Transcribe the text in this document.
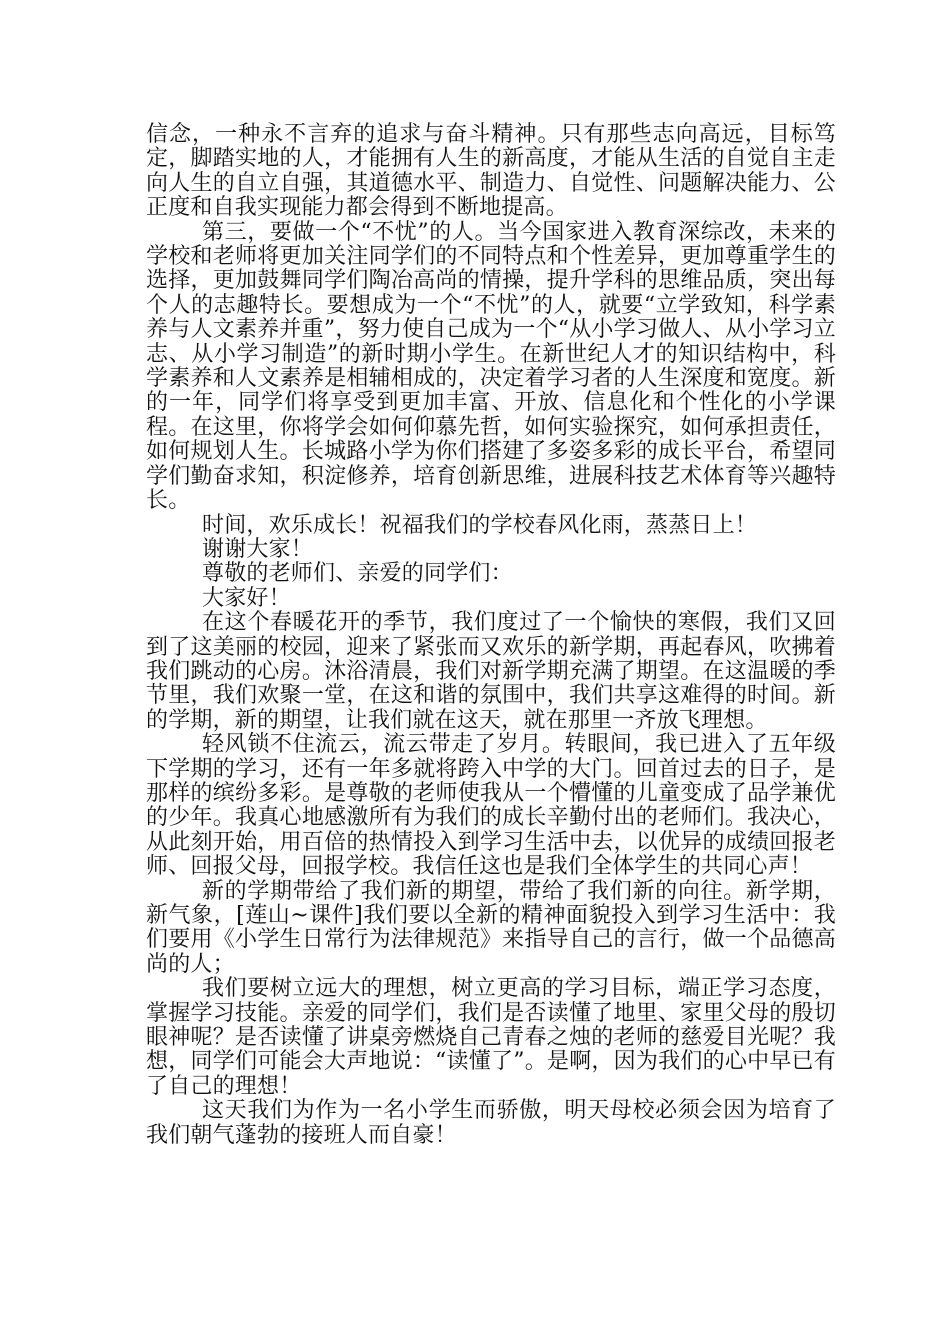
信念，一种永不言弃的追求与奋斗精神。只有那些志向高远，目标笃定，脚踏实地的人，才能拥有人生的新高度，才能从生活的自觉自主走向人生的自立自强，其道德水平、制造力、自觉性、问题解决能力、公正度和自我实现能力都会得到不断地提高。

第三，要做一个“不忧”的人。当今国家进入教育深综改，未来的学校和老师将更加关注同学们的不同特点和个性差异，更加尊重学生的选择，更加鼓舞同学们陶冶高尚的情操，提升学科的思维品质，突出每个人的志趣特长。要想成为一个“不忧”的人，就要“立学致知，科学素养与人文素养并重”，努力使自己成为一个“从小学习做人、从小学习立志、从小学习制造”的新时期小学生。在新世纪人才的知识结构中，科学素养和人文素养是相辅相成的，决定着学习者的人生深度和宽度。新的一年，同学们将享受到更加丰富、开放、信息化和个性化的小学课程。在这里，你将学会如何仰慕先哲，如何实验探究，如何承担责任，如何规划人生。长城路小学为你们搭建了多姿多彩的成长平台，希望同学们勤奋求知，积淀修养，培育创新思维，进展科技艺术体育等兴趣特长。

时间，欢乐成长！祝福我们的学校春风化雨，蒸蒸日上！

谢谢大家！

尊敬的老师们、亲爱的同学们：

大家好！

在这个春暖花开的季节，我们度过了一个愉快的寒假，我们又回到了这美丽的校园，迎来了紧张而又欢乐的新学期，再起春风，吹拂着我们跳动的心房。沐浴清晨，我们对新学期充满了期望。在这温暖的季节里，我们欢聚一堂，在这和谐的氛围中，我们共享这难得的时间。新的学期，新的期望，让我们就在这天，就在那里一齐放飞理想。

轻风锁不住流云，流云带走了岁月。转眼间，我已进入了五年级下学期的学习，还有一年多就将跨入中学的大门。回首过去的日子，是那样的缤纷多彩。是尊敬的老师使我从一个懵懂的儿童变成了品学兼优的少年。我真心地感激所有为我们的成长辛勤付出的老师们。我决心，从此刻开始，用百倍的热情投入到学习生活中去，以优异的成绩回报老师、回报父母，回报学校。我信任这也是我们全体学生的共同心声！

新的学期带给了我们新的期望，带给了我们新的向往。新学期，新气象，[莲山~课件]我们要以全新的精神面貌投入到学习生活中：我们要用《小学生日常行为法律规范》来指导自己的言行，做一个品德高尚的人；

我们要树立远大的理想，树立更高的学习目标，端正学习态度，掌握学习技能。亲爱的同学们，我们是否读懂了地里、家里父母的殷切眼神呢？是否读懂了讲桌旁燃烧自己青春之烛的老师的慈爱目光呢？我想，同学们可能会大声地说：“读懂了”。是啊，因为我们的心中早已有了自己的理想！

这天我们为作为一名小学生而骄傲，明天母校必须会因为培育了我们朝气蓬勃的接班人而自豪！
